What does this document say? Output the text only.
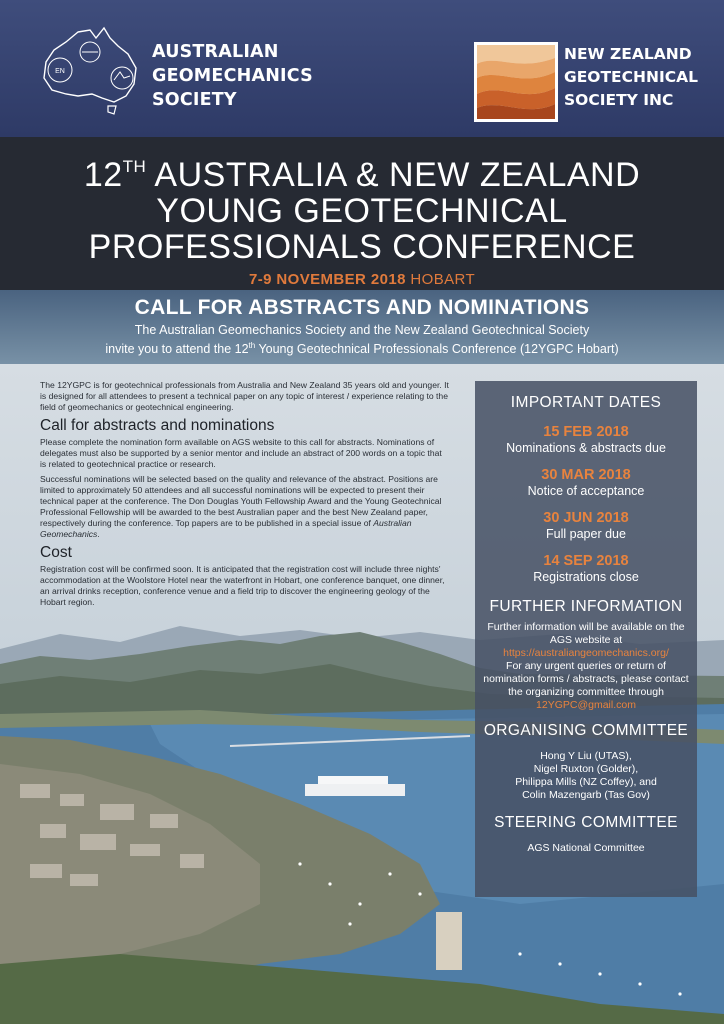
EN
AUSTRALIAN
GEOMECHANICS
SOCIETY
NEW ZEALAND
GEOTECHNICAL
SOCIETY INC
12TH AUSTRALIA & NEW ZEALAND
YOUNG GEOTECHNICAL
PROFESSIONALS CONFERENCE
7-9 NOVEMBER 2018 HOBART
CALL FOR ABSTRACTS AND NOMINATIONS
The Australian Geomechanics Society and the New Zealand Geotechnical Society
invite you to attend the 12th Young Geotechnical Professionals Conference (12YGPC Hobart)

The 12YGPC is for geotechnical professionals from Australia and New Zealand 35 years old and younger. It is designed for all attendees to present a technical paper on any topic of interest / experience relating to the field of geomechanics or geotechnical engineering.

Call for abstracts and nominations

Please complete the nomination form available on AGS website to this call for abstracts. Nominations of delegates must also be supported by a senior mentor and include an abstract of 200 words on a topic that is related to geotechnical practice or research.

Successful nominations will be selected based on the quality and relevance of the abstract. Positions are limited to approximately 50 attendees and all successful nominations will be expected to present their technical paper at the conference. The Don Douglas Youth Fellowship Award and the Young Geotechnical Professional Fellowship will be awarded to the best Australian paper and the best New Zealand paper, respectively during the conference. Top papers are to be published in a special issue of Australian Geomechanics.

Cost

Registration cost will be confirmed soon. It is anticipated that the registration cost will include three nights' accommodation at the Woolstore Hotel near the waterfront in Hobart, one conference banquet, one dinner, an arrival drinks reception, conference venue and a field trip to discover the engineering geology of the Hobart region.

IMPORTANT DATES
15 FEB 2018
Nominations & abstracts due
30 MAR 2018
Notice of acceptance
30 JUN 2018
Full paper due
14 SEP 2018
Registrations close
FURTHER INFORMATION
Further information will be available on the AGS website at
https://australiangeomechanics.org/
For any urgent queries or return of nomination forms / abstracts, please contact the organizing committee through 12YGPC@gmail.com
ORGANISING COMMITTEE
Hong Y Liu (UTAS),
Nigel Ruxton (Golder),
Philippa Mills (NZ Coffey), and
Colin Mazengarb (Tas Gov)
STEERING COMMITTEE
AGS National Committee
